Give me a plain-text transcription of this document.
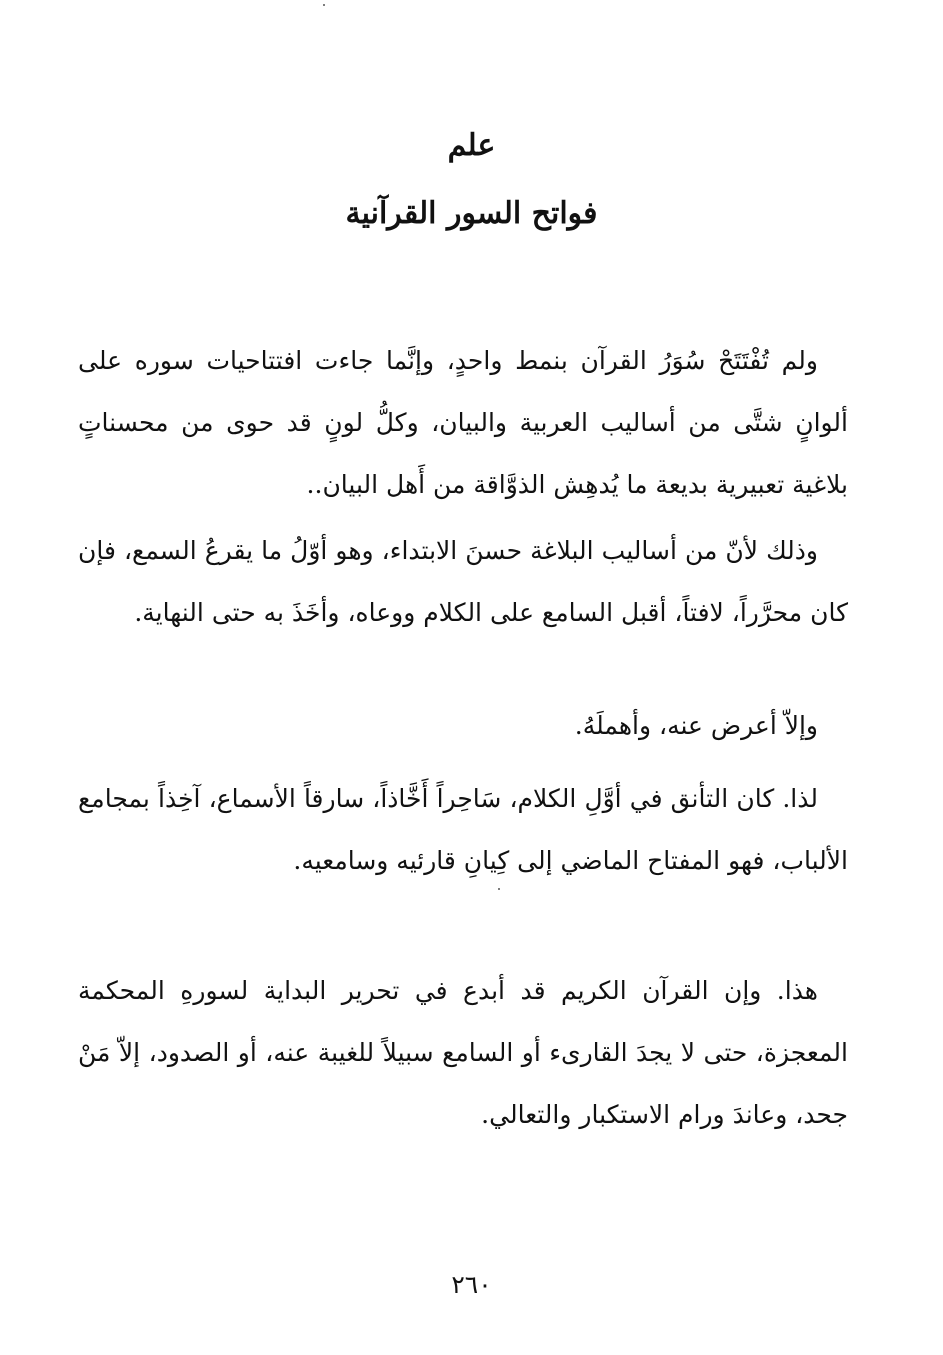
علم
فواتح السور القرآنية

ولم تُفْتَتَحْ سُوَرُ القرآن بنمط واحدٍ، وإنَّما جاءت افتتاحيات سوره على ألوانٍ شتَّى من أساليب العربية والبيان، وكلُّ لونٍ قد حوى من محسناتٍ بلاغية تعبيرية بديعة ما يُدهِش الذوَّاقة من أَهل البيان..

وذلك لأنّ من أساليب البلاغة حسنَ الابتداء، وهو أوّلُ ما يقرعُ السمع، فإن كان محرَّراً، لافتاً، أقبل السامع على الكلام ووعاه، وأخَذَ به حتى النهاية.

وإلاّ أعرض عنه، وأهملَهُ.

لذا. كان التأنق في أوَّلِ الكلام، سَاحِراً أَخَّاذاً، سارقاً الأسماع، آخِذاً بمجامع الألباب، فهو المفتاح الماضي إلى كِيانِ قارئيه وسامعيه.

هذا. وإن القرآن الكريم قد أبدع في تحرير البداية لسورهِ المحكمة المعجزة، حتى لا يجدَ القارىء أو السامع سبيلاً للغيبة عنه، أو الصدود، إلاّ مَنْ جحد، وعاندَ ورام الاستكبار والتعالي.

٢٦٠
